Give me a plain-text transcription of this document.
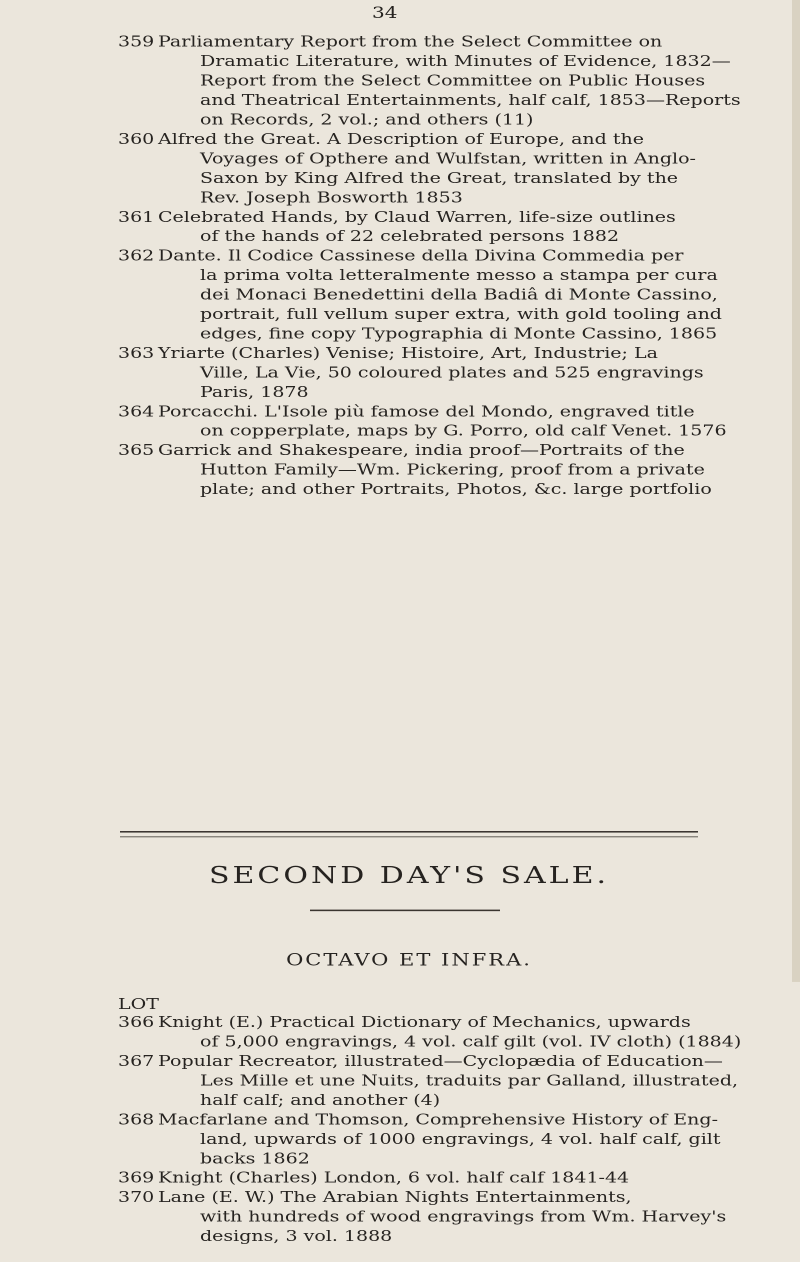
34
359 Parliamentary Report from the Select Committee on
Dramatic Literature, with Minutes of Evidence, 1832—
Report from the Select Committee on Public Houses
and Theatrical Entertainments, half calf, 1853—Reports
on Records, 2 vol.; and others (11)
360 Alfred the Great. A Description of Europe, and the
Voyages of Opthere and Wulfstan, written in Anglo-
Saxon by King Alfred the Great, translated by the
Rev. Joseph Bosworth 1853
361 Celebrated Hands, by Claud Warren, life-size outlines
of the hands of 22 celebrated persons 1882
362 Dante. Il Codice Cassinese della Divina Commedia per
la prima volta letteralmente messo a stampa per cura
dei Monaci Benedettini della Badiâ di Monte Cassino,
portrait, full vellum super extra, with gold tooling and
edges, fine copy Typographia di Monte Cassino, 1865
363 Yriarte (Charles) Venise; Histoire, Art, Industrie; La
Ville, La Vie, 50 coloured plates and 525 engravings
Paris, 1878
364 Porcacchi. L'Isole più famose del Mondo, engraved title
on copperplate, maps by G. Porro, old calf Venet. 1576
365 Garrick and Shakespeare, india proof—Portraits of the
Hutton Family—Wm. Pickering, proof from a private
plate; and other Portraits, Photos, &c. large portfolio
SECOND DAY'S SALE.
OCTAVO ET INFRA.
LOT
366 Knight (E.) Practical Dictionary of Mechanics, upwards
of 5,000 engravings, 4 vol. calf gilt (vol. IV cloth) (1884)
367 Popular Recreator, illustrated—Cyclopædia of Education—
Les Mille et une Nuits, traduits par Galland, illustrated,
half calf; and another (4)
368 Macfarlane and Thomson, Comprehensive History of Eng-
land, upwards of 1000 engravings, 4 vol. half calf, gilt
backs 1862
369 Knight (Charles) London, 6 vol. half calf 1841-44
370 Lane (E. W.) The Arabian Nights Entertainments,
with hundreds of wood engravings from Wm. Harvey's
designs, 3 vol. 1888
